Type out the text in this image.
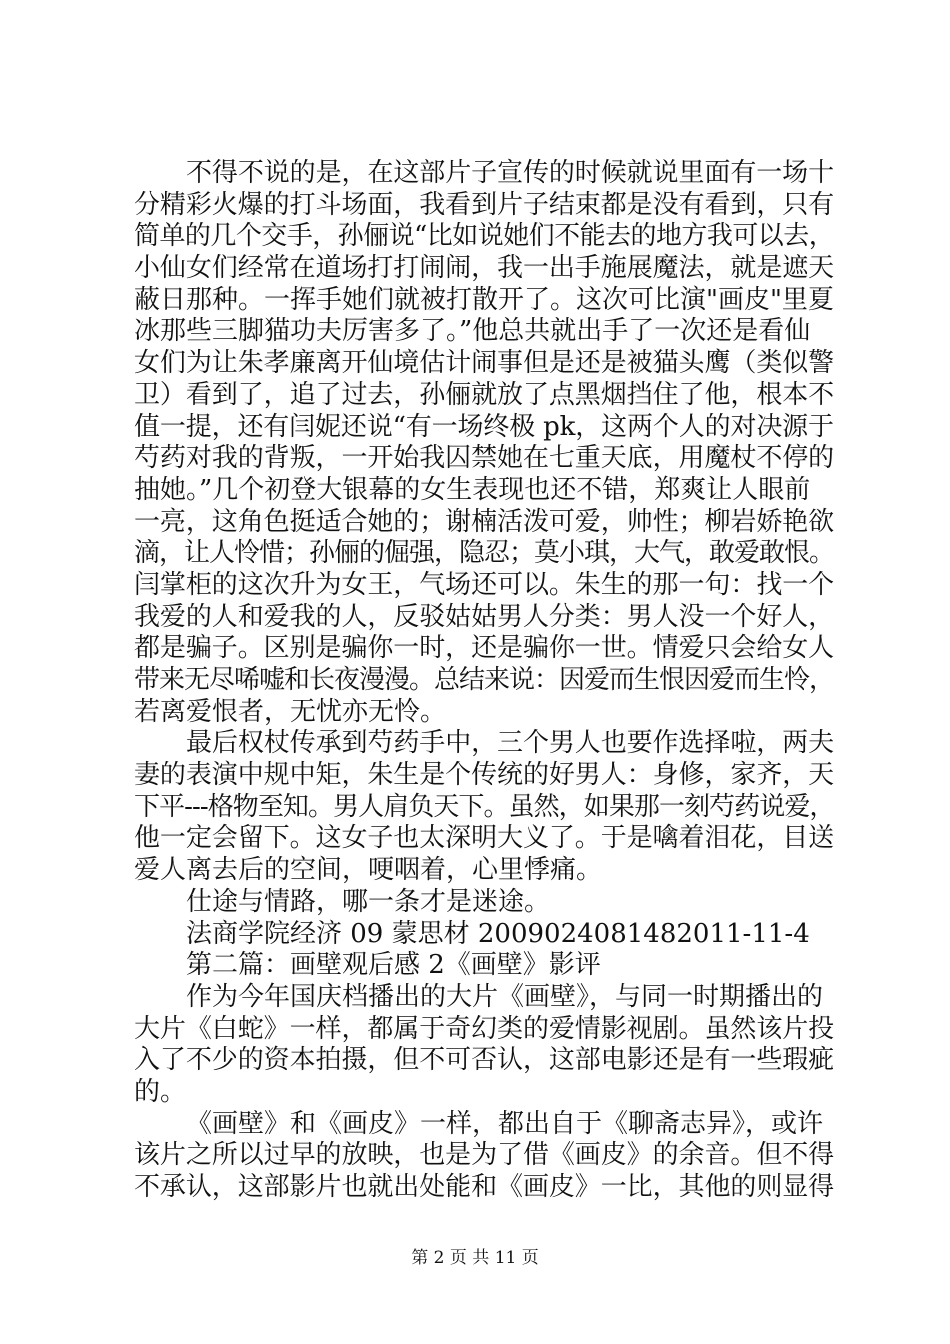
不得不说的是，在这部片子宣传的时候就说里面有一场十
分精彩火爆的打斗场面，我看到片子结束都是没有看到，只有
简单的几个交手，孙俪说“比如说她们不能去的地方我可以去，
小仙女们经常在道场打打闹闹，我一出手施展魔法，就是遮天
蔽日那种。一挥手她们就被打散开了。这次可比演"画皮"里夏
冰那些三脚猫功夫厉害多了。”他总共就出手了一次还是看仙
女们为让朱孝廉离开仙境估计闹事但是还是被猫头鹰（类似警
卫）看到了，追了过去，孙俪就放了点黑烟挡住了他，根本不
值一提，还有闫妮还说“有一场终极 pk，这两个人的对决源于
芍药对我的背叛，一开始我囚禁她在七重天底，用魔杖不停的
抽她。”几个初登大银幕的女生表现也还不错，郑爽让人眼前
一亮，这角色挺适合她的；谢楠活泼可爱，帅性；柳岩娇艳欲
滴，让人怜惜；孙俪的倔强，隐忍；莫小琪，大气，敢爱敢恨。
闫掌柜的这次升为女王，气场还可以。朱生的那一句：找一个
我爱的人和爱我的人，反驳姑姑男人分类：男人没一个好人，
都是骗子。区别是骗你一时，还是骗你一世。情爱只会给女人
带来无尽唏嘘和长夜漫漫。总结来说：因爱而生恨因爱而生怜，
若离爱恨者，无忧亦无怜。
最后权杖传承到芍药手中，三个男人也要作选择啦，两夫
妻的表演中规中矩，朱生是个传统的好男人：身修，家齐，天
下平---格物至知。男人肩负天下。虽然，如果那一刻芍药说爱，
他一定会留下。这女子也太深明大义了。于是噙着泪花，目送
爱人离去后的空间，哽咽着，心里悸痛。
仕途与情路，哪一条才是迷途。
法商学院经济 09 蒙思材 2009024081482011-11-4
第二篇：画壁观后感 2《画壁》影评
作为今年国庆档播出的大片《画壁》，与同一时期播出的
大片《白蛇》一样，都属于奇幻类的爱情影视剧。虽然该片投
入了不少的资本拍摄，但不可否认，这部电影还是有一些瑕疵
的。
《画壁》和《画皮》一样，都出自于《聊斋志异》，或许
该片之所以过早的放映，也是为了借《画皮》的余音。但不得
不承认，这部影片也就出处能和《画皮》一比，其他的则显得
第 2 页 共 11 页
